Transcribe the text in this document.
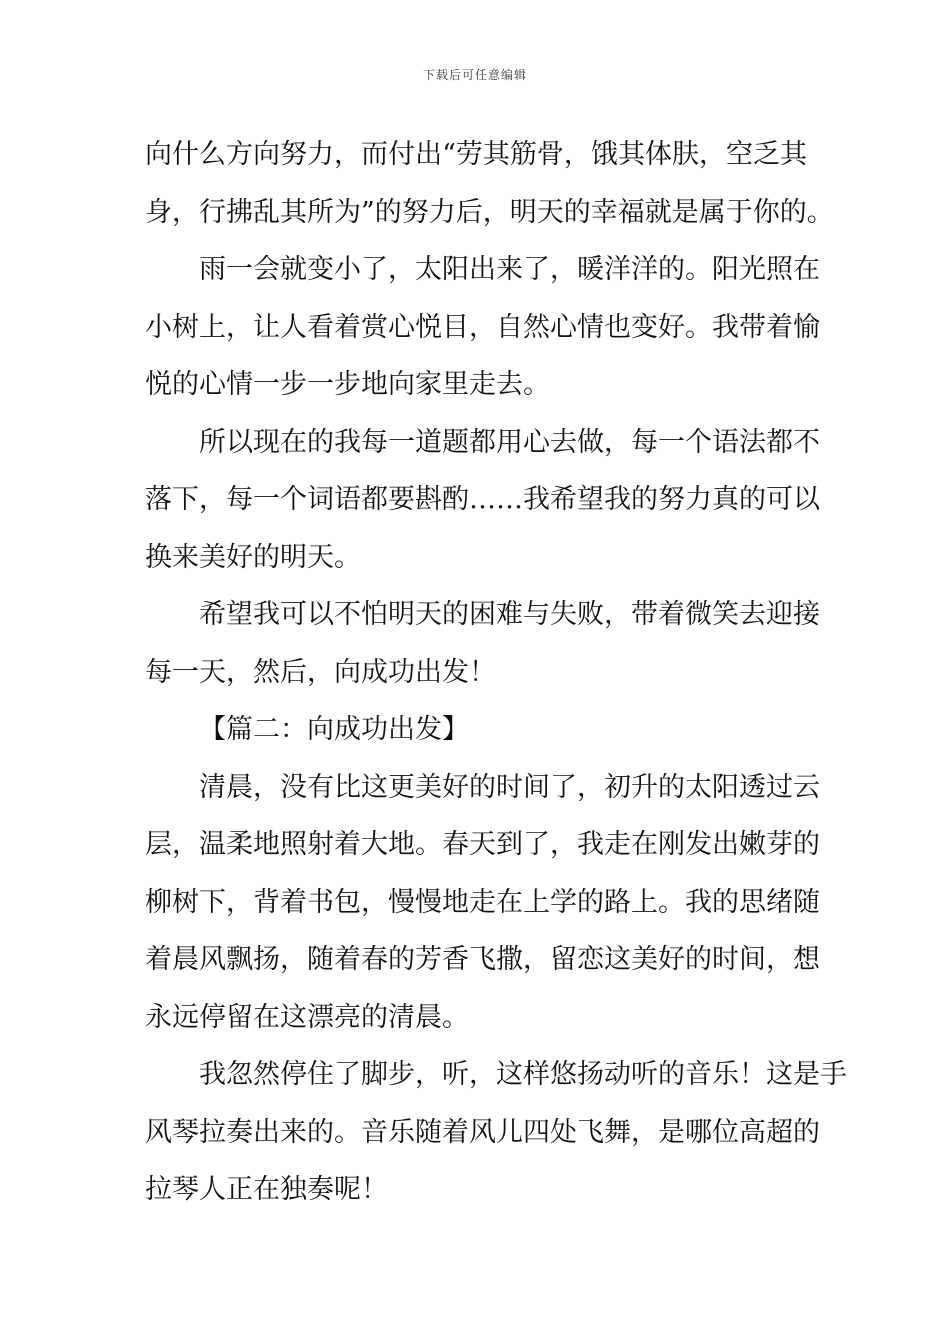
下载后可任意编辑
向什么方向努力，而付出“劳其筋骨，饿其体肤，空乏其
身，行拂乱其所为”的努力后，明天的幸福就是属于你的。
雨一会就变小了，太阳出来了，暖洋洋的。阳光照在
小树上，让人看着赏心悦目，自然心情也变好。我带着愉
悦的心情一步一步地向家里走去。
所以现在的我每一道题都用心去做，每一个语法都不
落下，每一个词语都要斟酌……我希望我的努力真的可以
换来美好的明天。
希望我可以不怕明天的困难与失败，带着微笑去迎接
每一天，然后，向成功出发！
【篇二：向成功出发】
清晨，没有比这更美好的时间了，初升的太阳透过云
层，温柔地照射着大地。春天到了，我走在刚发出嫩芽的
柳树下，背着书包，慢慢地走在上学的路上。我的思绪随
着晨风飘扬，随着春的芳香飞撒，留恋这美好的时间，想
永远停留在这漂亮的清晨。
我忽然停住了脚步，听，这样悠扬动听的音乐！这是手
风琴拉奏出来的。音乐随着风儿四处飞舞，是哪位高超的
拉琴人正在独奏呢！
